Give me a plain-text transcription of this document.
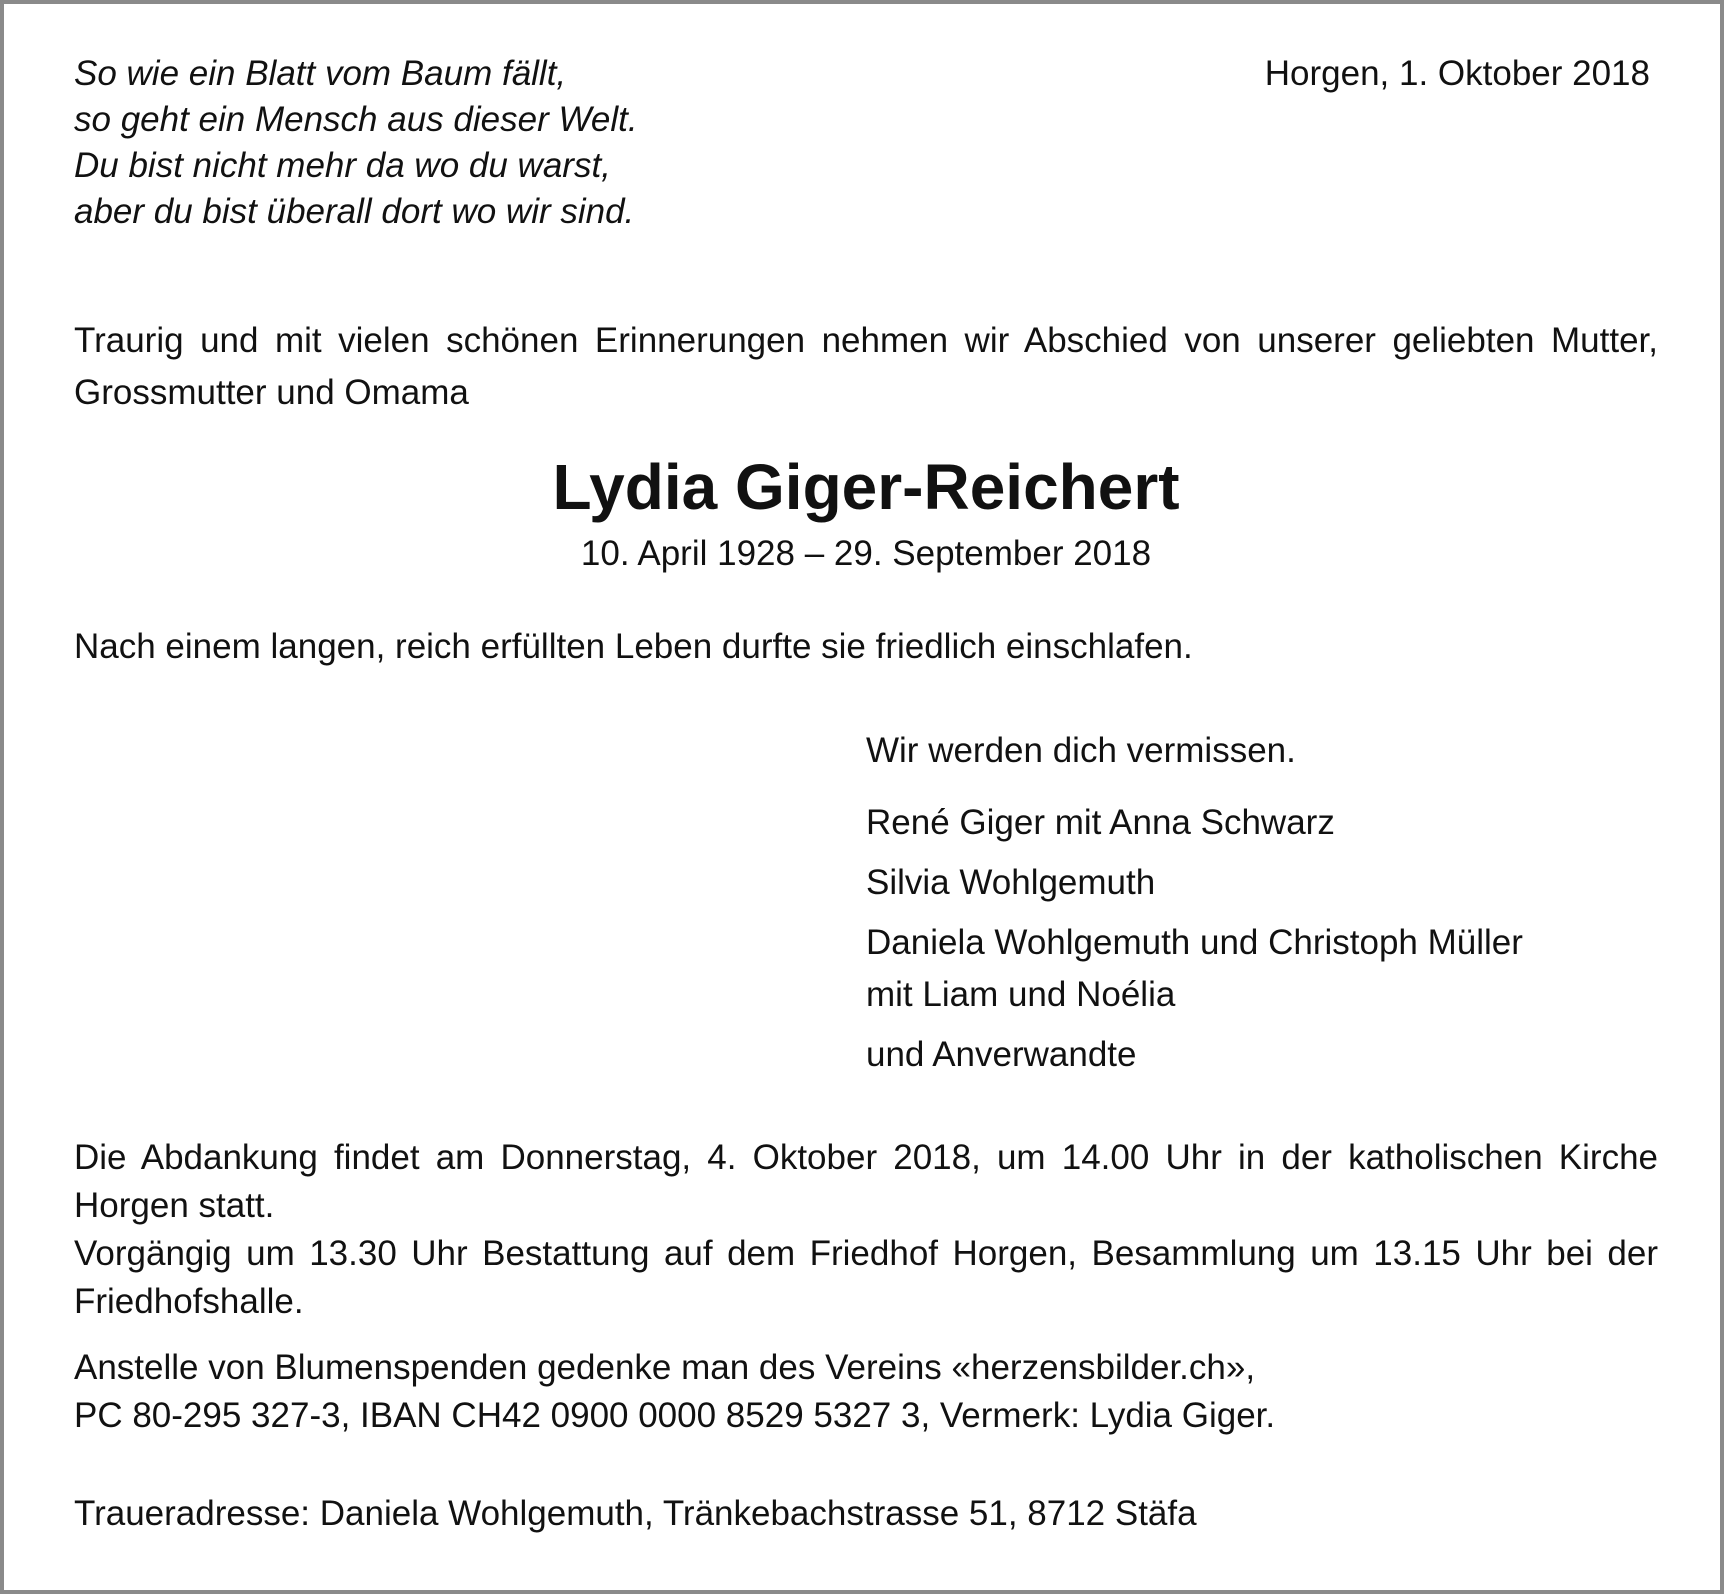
So wie ein Blatt vom Baum fällt,
so geht ein Mensch aus dieser Welt.
Du bist nicht mehr da wo du warst,
aber du bist überall dort wo wir sind.
Horgen, 1. Oktober 2018

Traurig und mit vielen schönen Erinnerungen nehmen wir Abschied von unserer geliebten Mutter, Grossmutter und Omama

Lydia Giger-Reichert
10. April 1928 – 29. September 2018
Nach einem langen, reich erfüllten Leben durfte sie friedlich einschlafen.
Wir werden dich vermissen.
René Giger mit Anna Schwarz
Silvia Wohlgemuth
Daniela Wohlgemuth und Christoph Müller
mit Liam und Noélia
und Anverwandte
Die Abdankung findet am Donnerstag, 4. Oktober 2018, um 14.00 Uhr in der katholischen Kirche Horgen statt.
Vorgängig um 13.30 Uhr Bestattung auf dem Friedhof Horgen, Besammlung um 13.15 Uhr bei der Friedhofshalle.
Anstelle von Blumenspenden gedenke man des Vereins «herzensbilder.ch»,
PC 80-295 327-3, IBAN CH42 0900 0000 8529 5327 3, Vermerk: Lydia Giger.
Traueradresse: Daniela Wohlgemuth, Tränkebachstrasse 51, 8712 Stäfa
